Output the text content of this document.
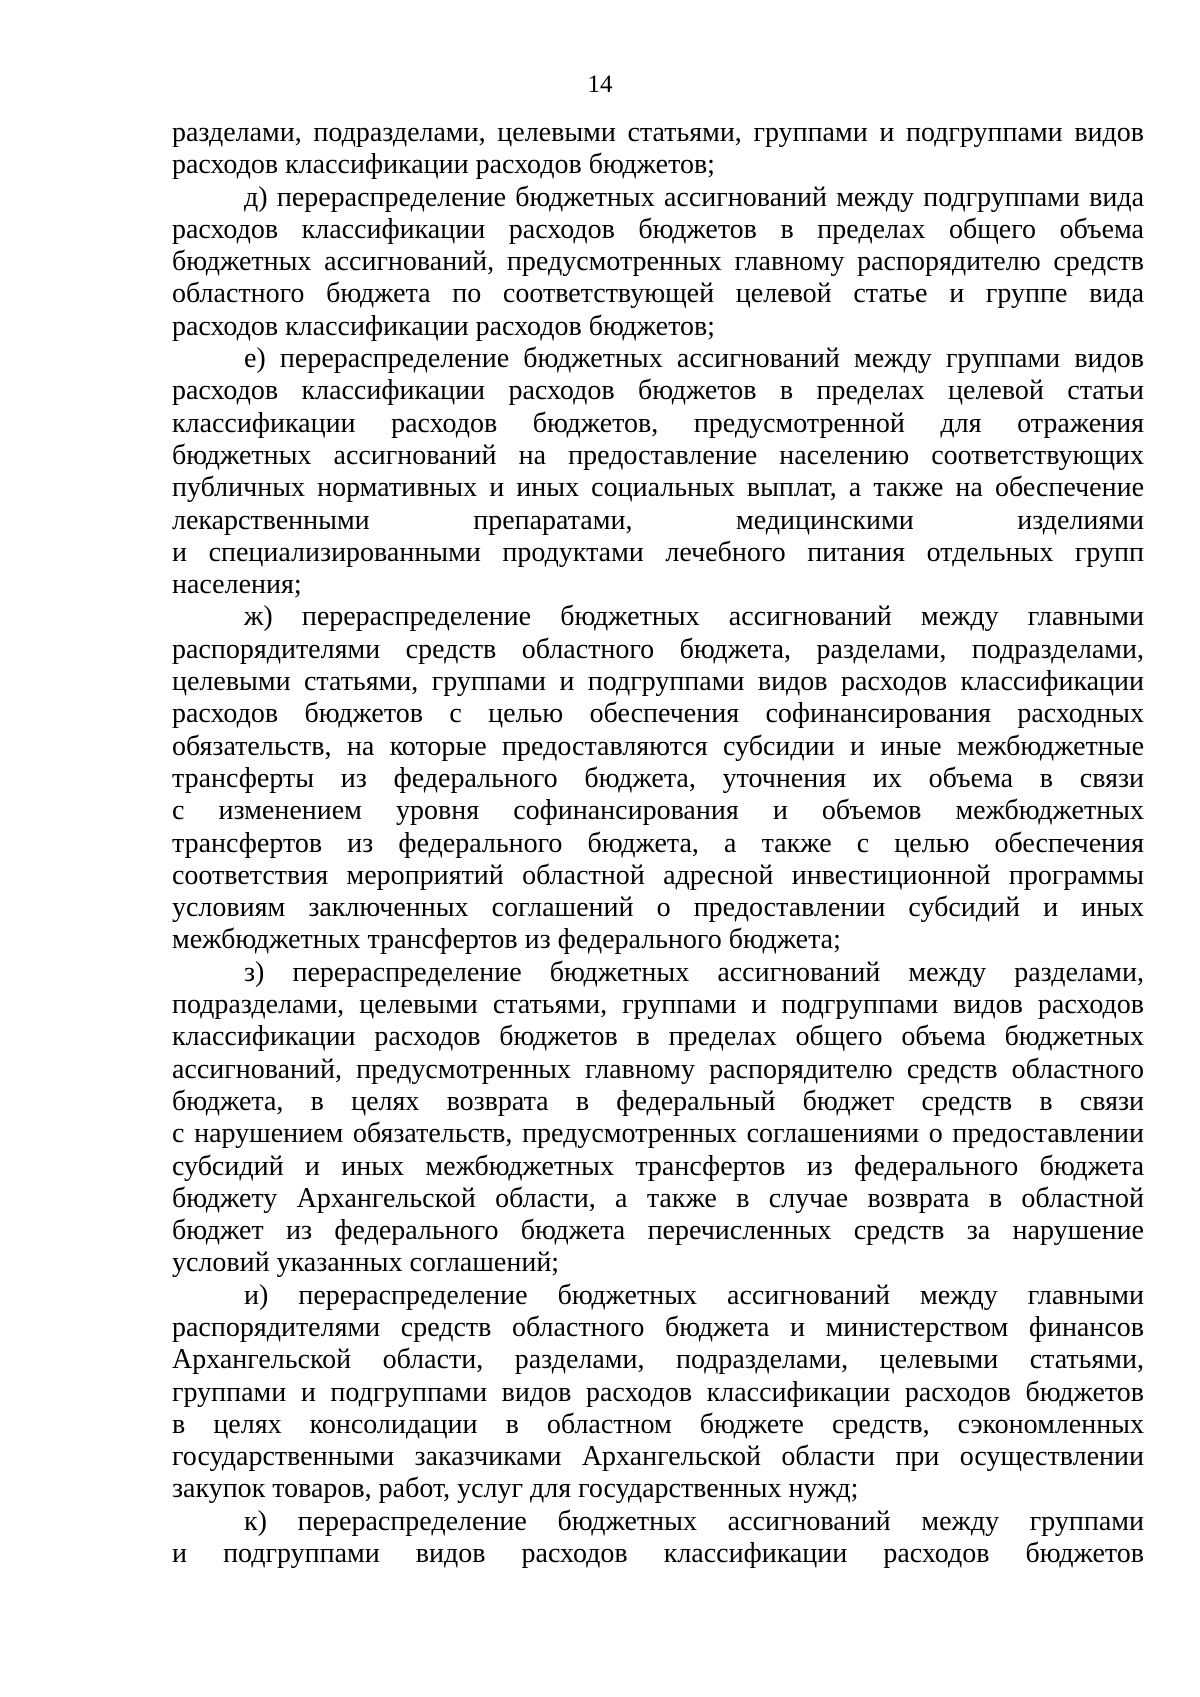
14
разделами, подразделами, целевыми статьями, группами и подгруппами видов
расходов классификации расходов бюджетов;
д) перераспределение бюджетных ассигнований между подгруппами вида
расходов классификации расходов бюджетов в пределах общего объема
бюджетных ассигнований, предусмотренных главному распорядителю средств
областного бюджета по соответствующей целевой статье и группе вида
расходов классификации расходов бюджетов;
е) перераспределение бюджетных ассигнований между группами видов
расходов классификации расходов бюджетов в пределах целевой статьи
классификации расходов бюджетов, предусмотренной для отражения
бюджетных ассигнований на предоставление населению соответствующих
публичных нормативных и иных социальных выплат, а также на обеспечение
лекарственными препаратами, медицинскими изделиями
и специализированными продуктами лечебного питания отдельных групп
населения;
ж) перераспределение бюджетных ассигнований между главными
распорядителями средств областного бюджета, разделами, подразделами,
целевыми статьями, группами и подгруппами видов расходов классификации
расходов бюджетов с целью обеспечения софинансирования расходных
обязательств, на которые предоставляются субсидии и иные межбюджетные
трансферты из федерального бюджета, уточнения их объема в связи
с изменением уровня софинансирования и объемов межбюджетных
трансфертов из федерального бюджета, а также с целью обеспечения
соответствия мероприятий областной адресной инвестиционной программы
условиям заключенных соглашений о предоставлении субсидий и иных
межбюджетных трансфертов из федерального бюджета;
з) перераспределение бюджетных ассигнований между разделами,
подразделами, целевыми статьями, группами и подгруппами видов расходов
классификации расходов бюджетов в пределах общего объема бюджетных
ассигнований, предусмотренных главному распорядителю средств областного
бюджета, в целях возврата в федеральный бюджет средств в связи
с нарушением обязательств, предусмотренных соглашениями о предоставлении
субсидий и иных межбюджетных трансфертов из федерального бюджета
бюджету Архангельской области, а также в случае возврата в областной
бюджет из федерального бюджета перечисленных средств за нарушение
условий указанных соглашений;
и) перераспределение бюджетных ассигнований между главными
распорядителями средств областного бюджета и министерством финансов
Архангельской области, разделами, подразделами, целевыми статьями,
группами и подгруппами видов расходов классификации расходов бюджетов
в целях консолидации в областном бюджете средств, сэкономленных
государственными заказчиками Архангельской области при осуществлении
закупок товаров, работ, услуг для государственных нужд;
к) перераспределение бюджетных ассигнований между группами
и подгруппами видов расходов классификации расходов бюджетов
